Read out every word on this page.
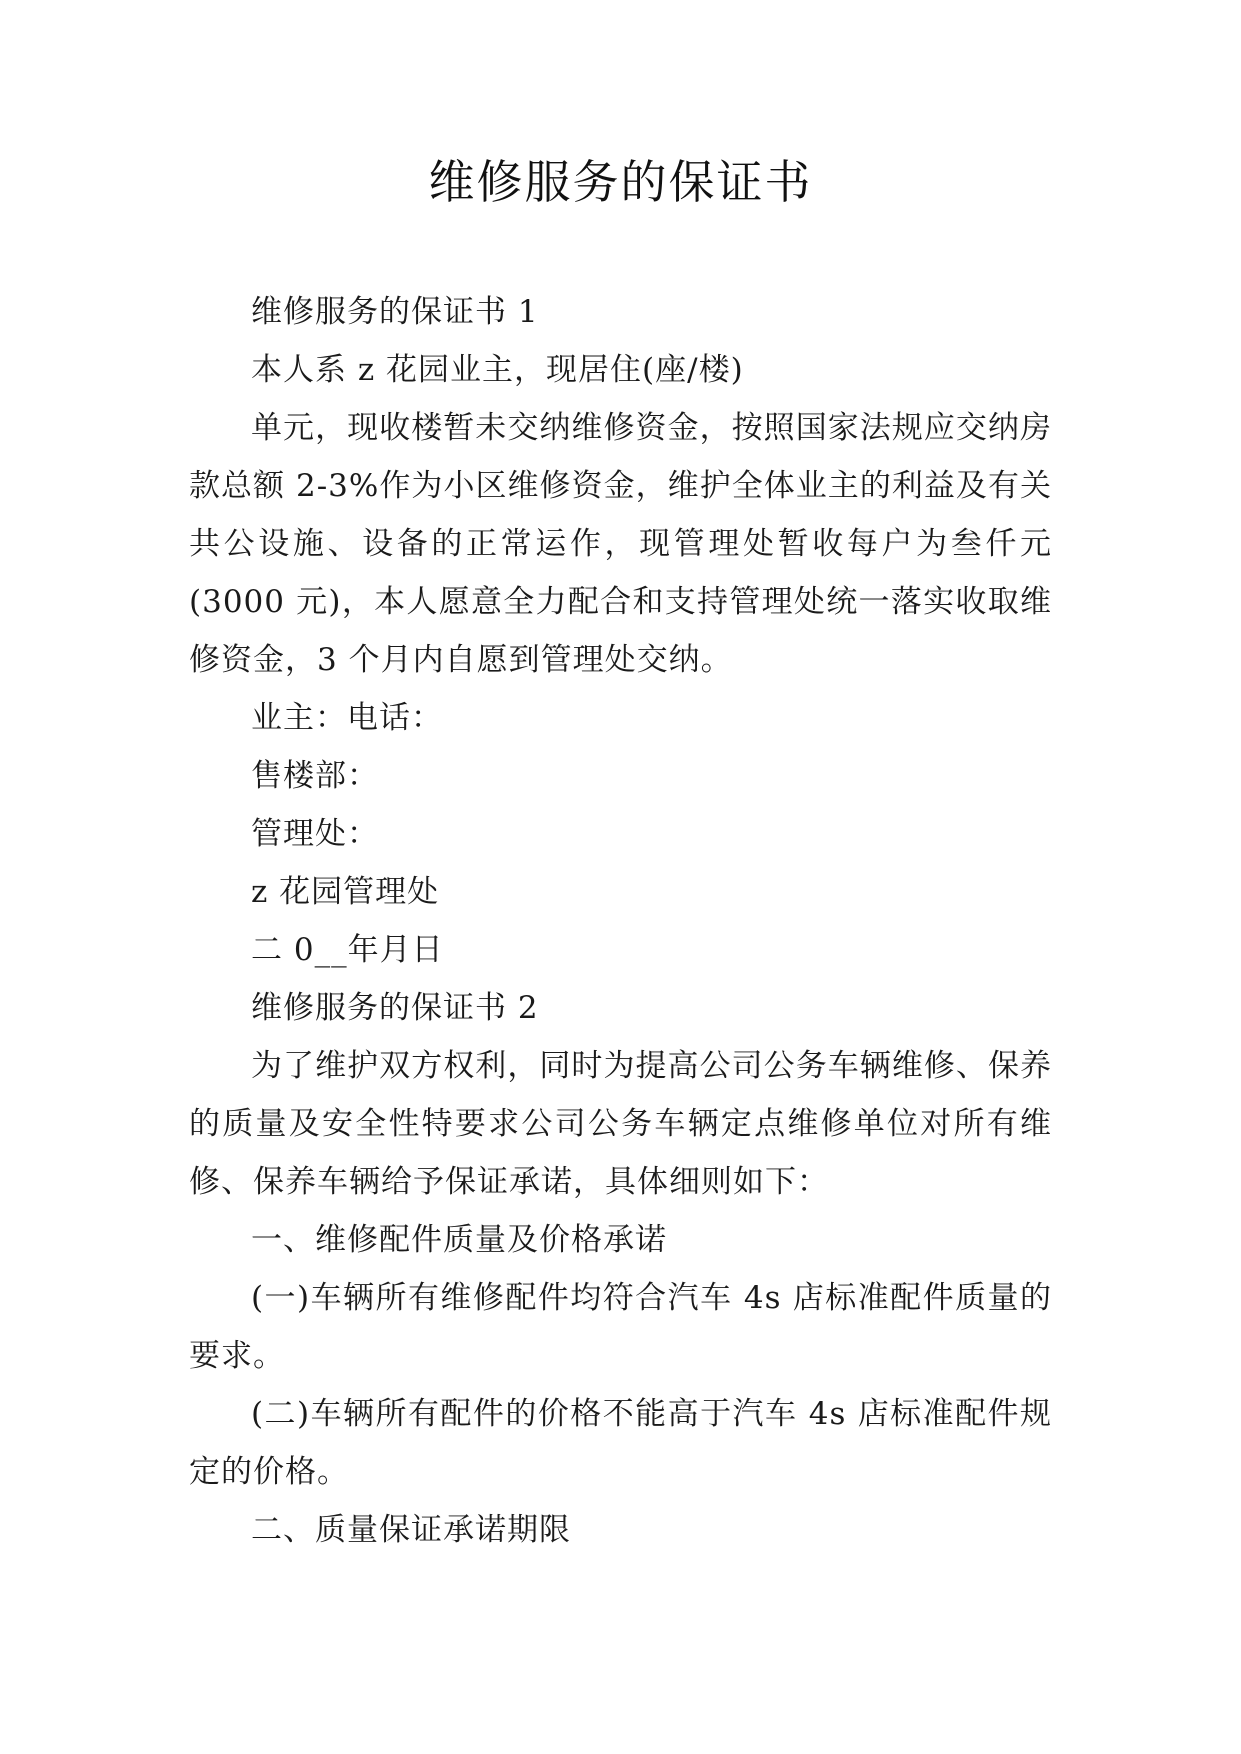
维修服务的保证书

维修服务的保证书 1

本人系 z 花园业主，现居住(座/楼)

单元，现收楼暂未交纳维修资金，按照国家法规应交纳房款总额 2-3%作为小区维修资金，维护全体业主的利益及有关共公设施、设备的正常运作，现管理处暂收每户为叁仟元(3000 元)，本人愿意全力配合和支持管理处统一落实收取维修资金，3 个月内自愿到管理处交纳。

业主：电话：

售楼部：

管理处：

z 花园管理处

二 0__年月日

维修服务的保证书 2

为了维护双方权利，同时为提高公司公务车辆维修、保养的质量及安全性特要求公司公务车辆定点维修单位对所有维修、保养车辆给予保证承诺，具体细则如下：

一、维修配件质量及价格承诺

(一)车辆所有维修配件均符合汽车 4s 店标准配件质量的要求。

(二)车辆所有配件的价格不能高于汽车 4s 店标准配件规定的价格。

二、质量保证承诺期限
